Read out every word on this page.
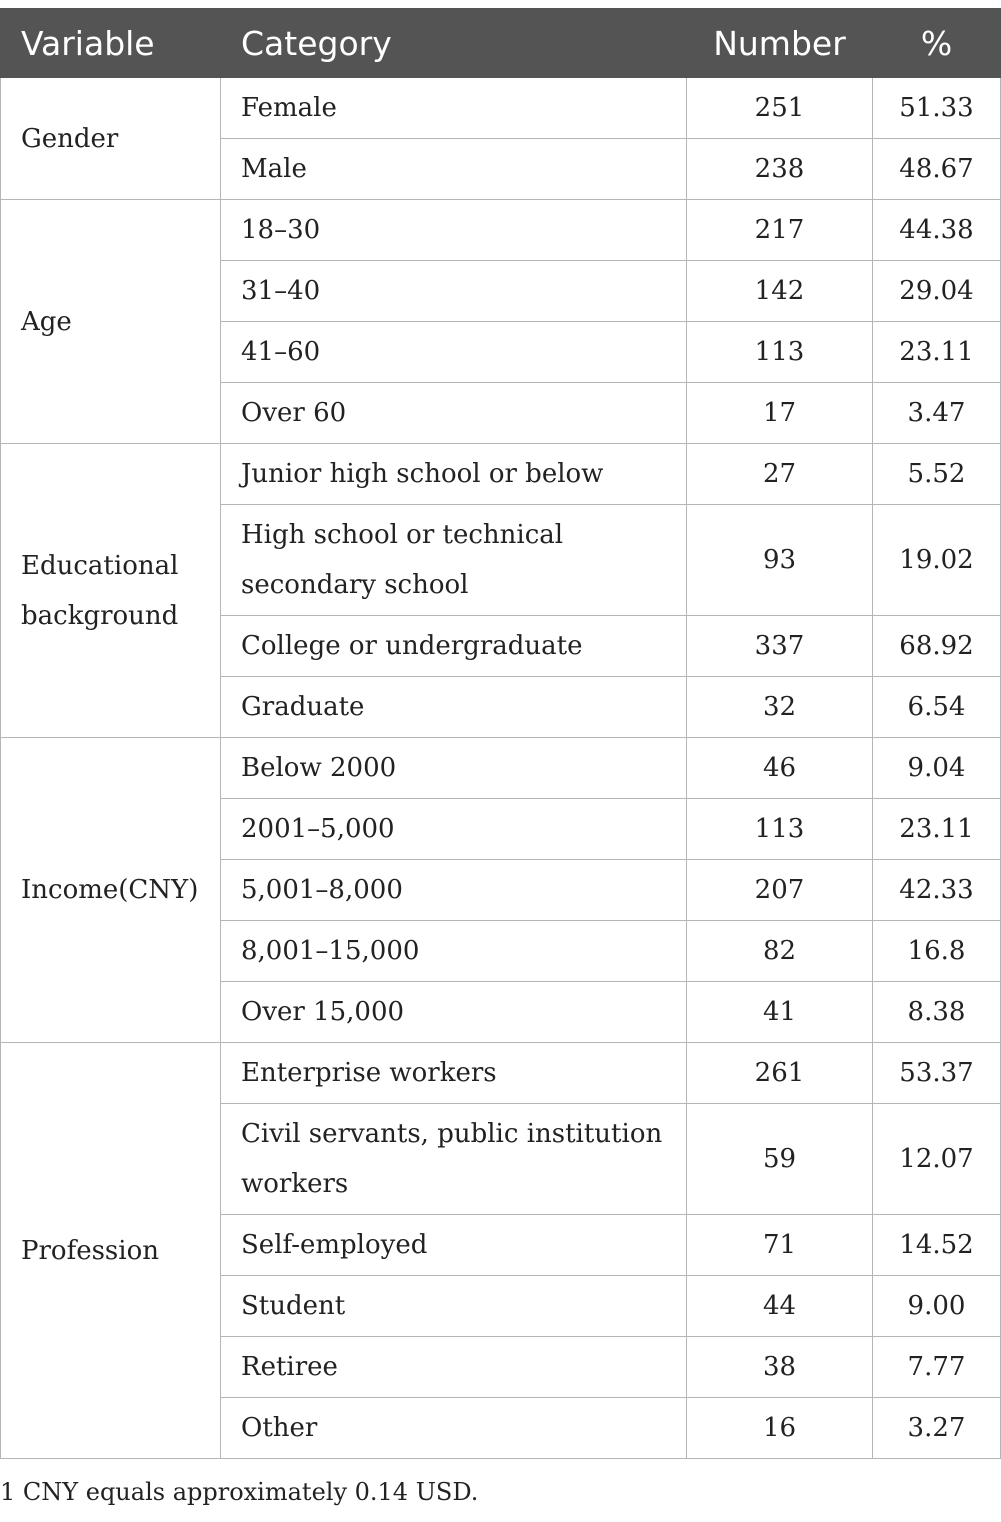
Variable	Category	Number	%
Gender	Female	251	51.33
	Male	238	48.67
Age	18–30	217	44.38
	31–40	142	29.04
	41–60	113	23.11
	Over 60	17	3.47
Educational background	Junior high school or below	27	5.52
	High school or technical secondary school	93	19.02
	College or undergraduate	337	68.92
	Graduate	32	6.54
Income(CNY)	Below 2000	46	9.04
	2001–5,000	113	23.11
	5,001–8,000	207	42.33
	8,001–15,000	82	16.8
	Over 15,000	41	8.38
Profession	Enterprise workers	261	53.37
	Civil servants, public institution workers	59	12.07
	Self-employed	71	14.52
	Student	44	9.00
	Retiree	38	7.77
	Other	16	3.27
1 CNY equals approximately 0.14 USD.
